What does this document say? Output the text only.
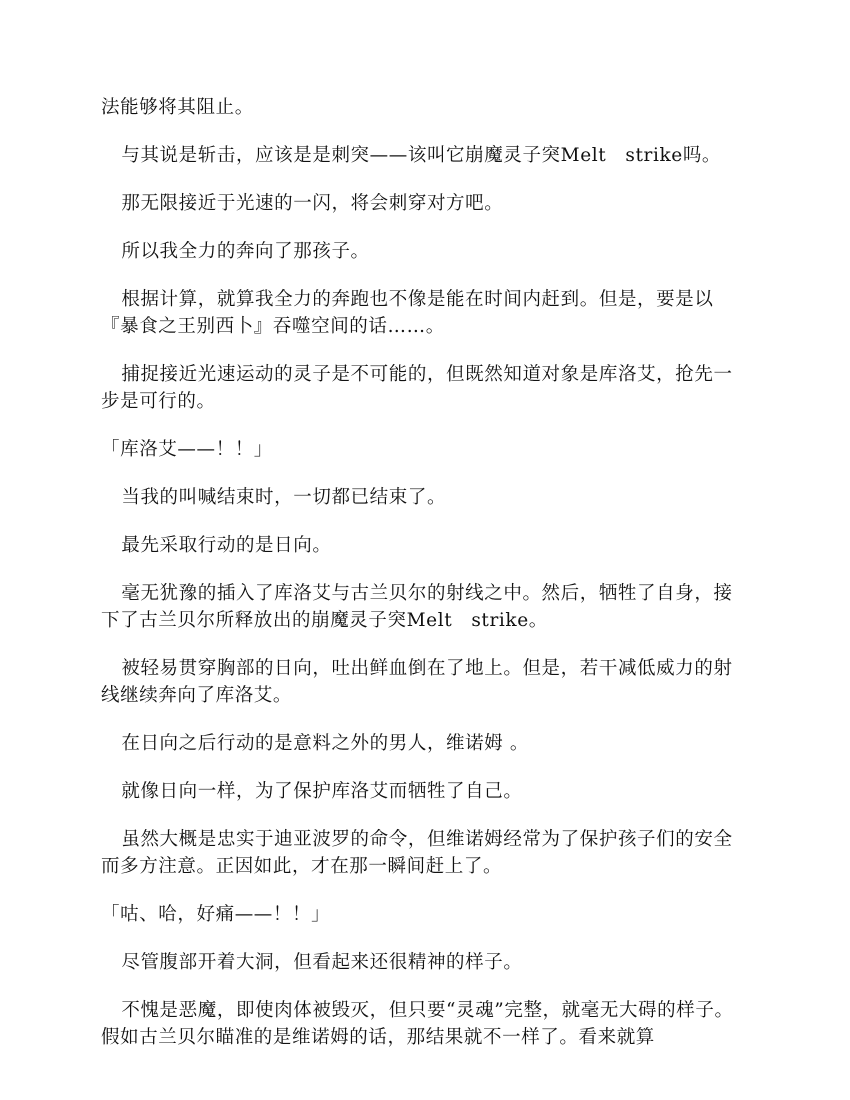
法能够将其阻止。

与其说是斩击，应该是是刺突——该叫它崩魔灵子突Melt　strike吗。

那无限接近于光速的一闪，将会刺穿对方吧。

所以我全力的奔向了那孩子。

根据计算，就算我全力的奔跑也不像是能在时间内赶到。但是，要是以『暴食之王别西卜』吞噬空间的话……。

捕捉接近光速运动的灵子是不可能的，但既然知道对象是库洛艾，抢先一步是可行的。

「库洛艾——！！」

当我的叫喊结束时，一切都已结束了。

最先采取行动的是日向。

毫无犹豫的插入了库洛艾与古兰贝尔的射线之中。然后，牺牲了自身，接下了古兰贝尔所释放出的崩魔灵子突Melt　strike。

被轻易贯穿胸部的日向，吐出鲜血倒在了地上。但是，若干减低威力的射线继续奔向了库洛艾。

在日向之后行动的是意料之外的男人，维诺姆 。

就像日向一样，为了保护库洛艾而牺牲了自己。

虽然大概是忠实于迪亚波罗的命令，但维诺姆经常为了保护孩子们的安全而多方注意。正因如此，才在那一瞬间赶上了。

「咕、哈，好痛——！！」

尽管腹部开着大洞，但看起来还很精神的样子。

不愧是恶魔，即使肉体被毁灭，但只要“灵魂”完整，就毫无大碍的样子。假如古兰贝尔瞄准的是维诺姆的话，那结果就不一样了。看来就算
